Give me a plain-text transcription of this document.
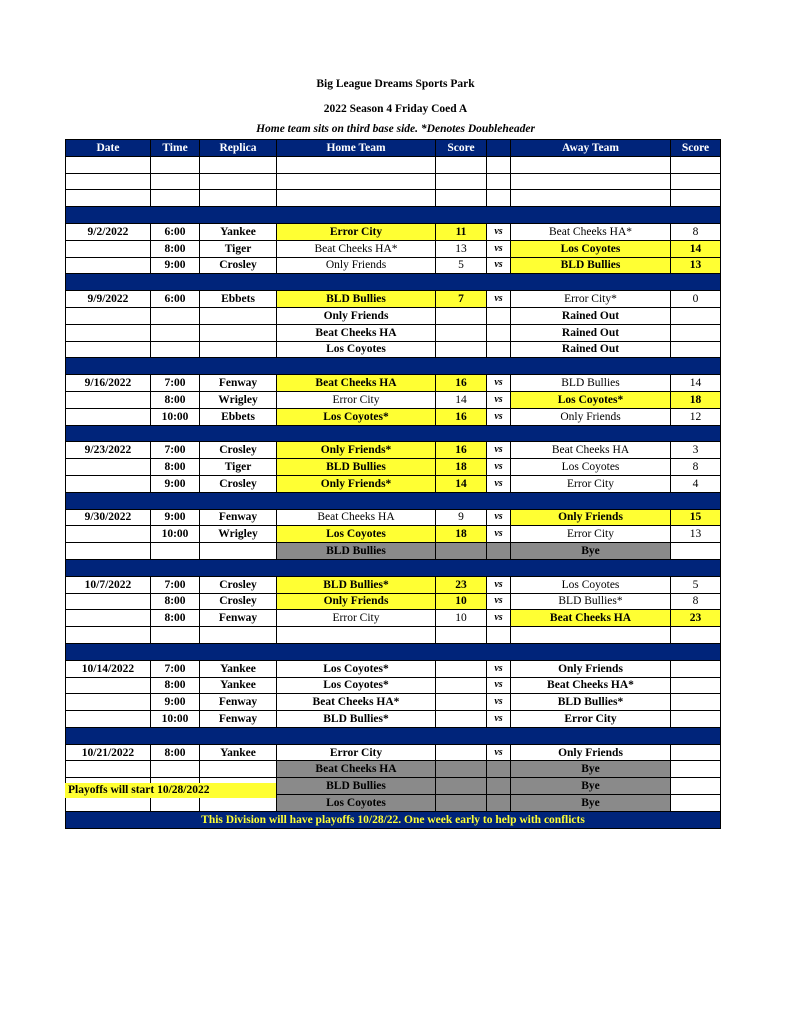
Big League Dreams Sports Park
2022 Season 4 Friday Coed A
Home team sits on third base side. *Denotes Doubleheader
Date	Time	Replica	Home Team	Score		Away Team	Score

9/2/2022	6:00	Yankee	Error City	11	vs	Beat Cheeks HA*	8
	8:00	Tiger	Beat Cheeks HA*	13	vs	Los Coyotes	14
	9:00	Crosley	Only Friends	5	vs	BLD Bullies	13

9/9/2022	6:00	Ebbets	BLD Bullies	7	vs	Error City*	0
			Only Friends			Rained Out	
			Beat Cheeks HA			Rained Out	
			Los Coyotes			Rained Out	

9/16/2022	7:00	Fenway	Beat Cheeks HA	16	vs	BLD Bullies	14
	8:00	Wrigley	Error City	14	vs	Los Coyotes*	18
	10:00	Ebbets	Los Coyotes*	16	vs	Only Friends	12

9/23/2022	7:00	Crosley	Only Friends*	16	vs	Beat Cheeks HA	3
	8:00	Tiger	BLD Bullies	18	vs	Los Coyotes	8
	9:00	Crosley	Only Friends*	14	vs	Error City	4

9/30/2022	9:00	Fenway	Beat Cheeks HA	9	vs	Only Friends	15
	10:00	Wrigley	Los Coyotes	18	vs	Error City	13
			BLD Bullies			Bye	

10/7/2022	7:00	Crosley	BLD Bullies*	23	vs	Los Coyotes	5
	8:00	Crosley	Only Friends	10	vs	BLD Bullies*	8
	8:00	Fenway	Error City	10	vs	Beat Cheeks HA	23

10/14/2022	7:00	Yankee	Los Coyotes*		vs	Only Friends	
	8:00	Yankee	Los Coyotes*		vs	Beat Cheeks HA*	
	9:00	Fenway	Beat Cheeks HA*		vs	BLD Bullies*	
	10:00	Fenway	BLD Bullies*		vs	Error City	

10/21/2022	8:00	Yankee	Error City		vs	Only Friends	
			Beat Cheeks HA			Bye	
			BLD Bullies			Bye	
			Los Coyotes			Bye	
This Division will have playoffs 10/28/22. One week early to help with conflicts							
Playoffs will start 10/28/2022
